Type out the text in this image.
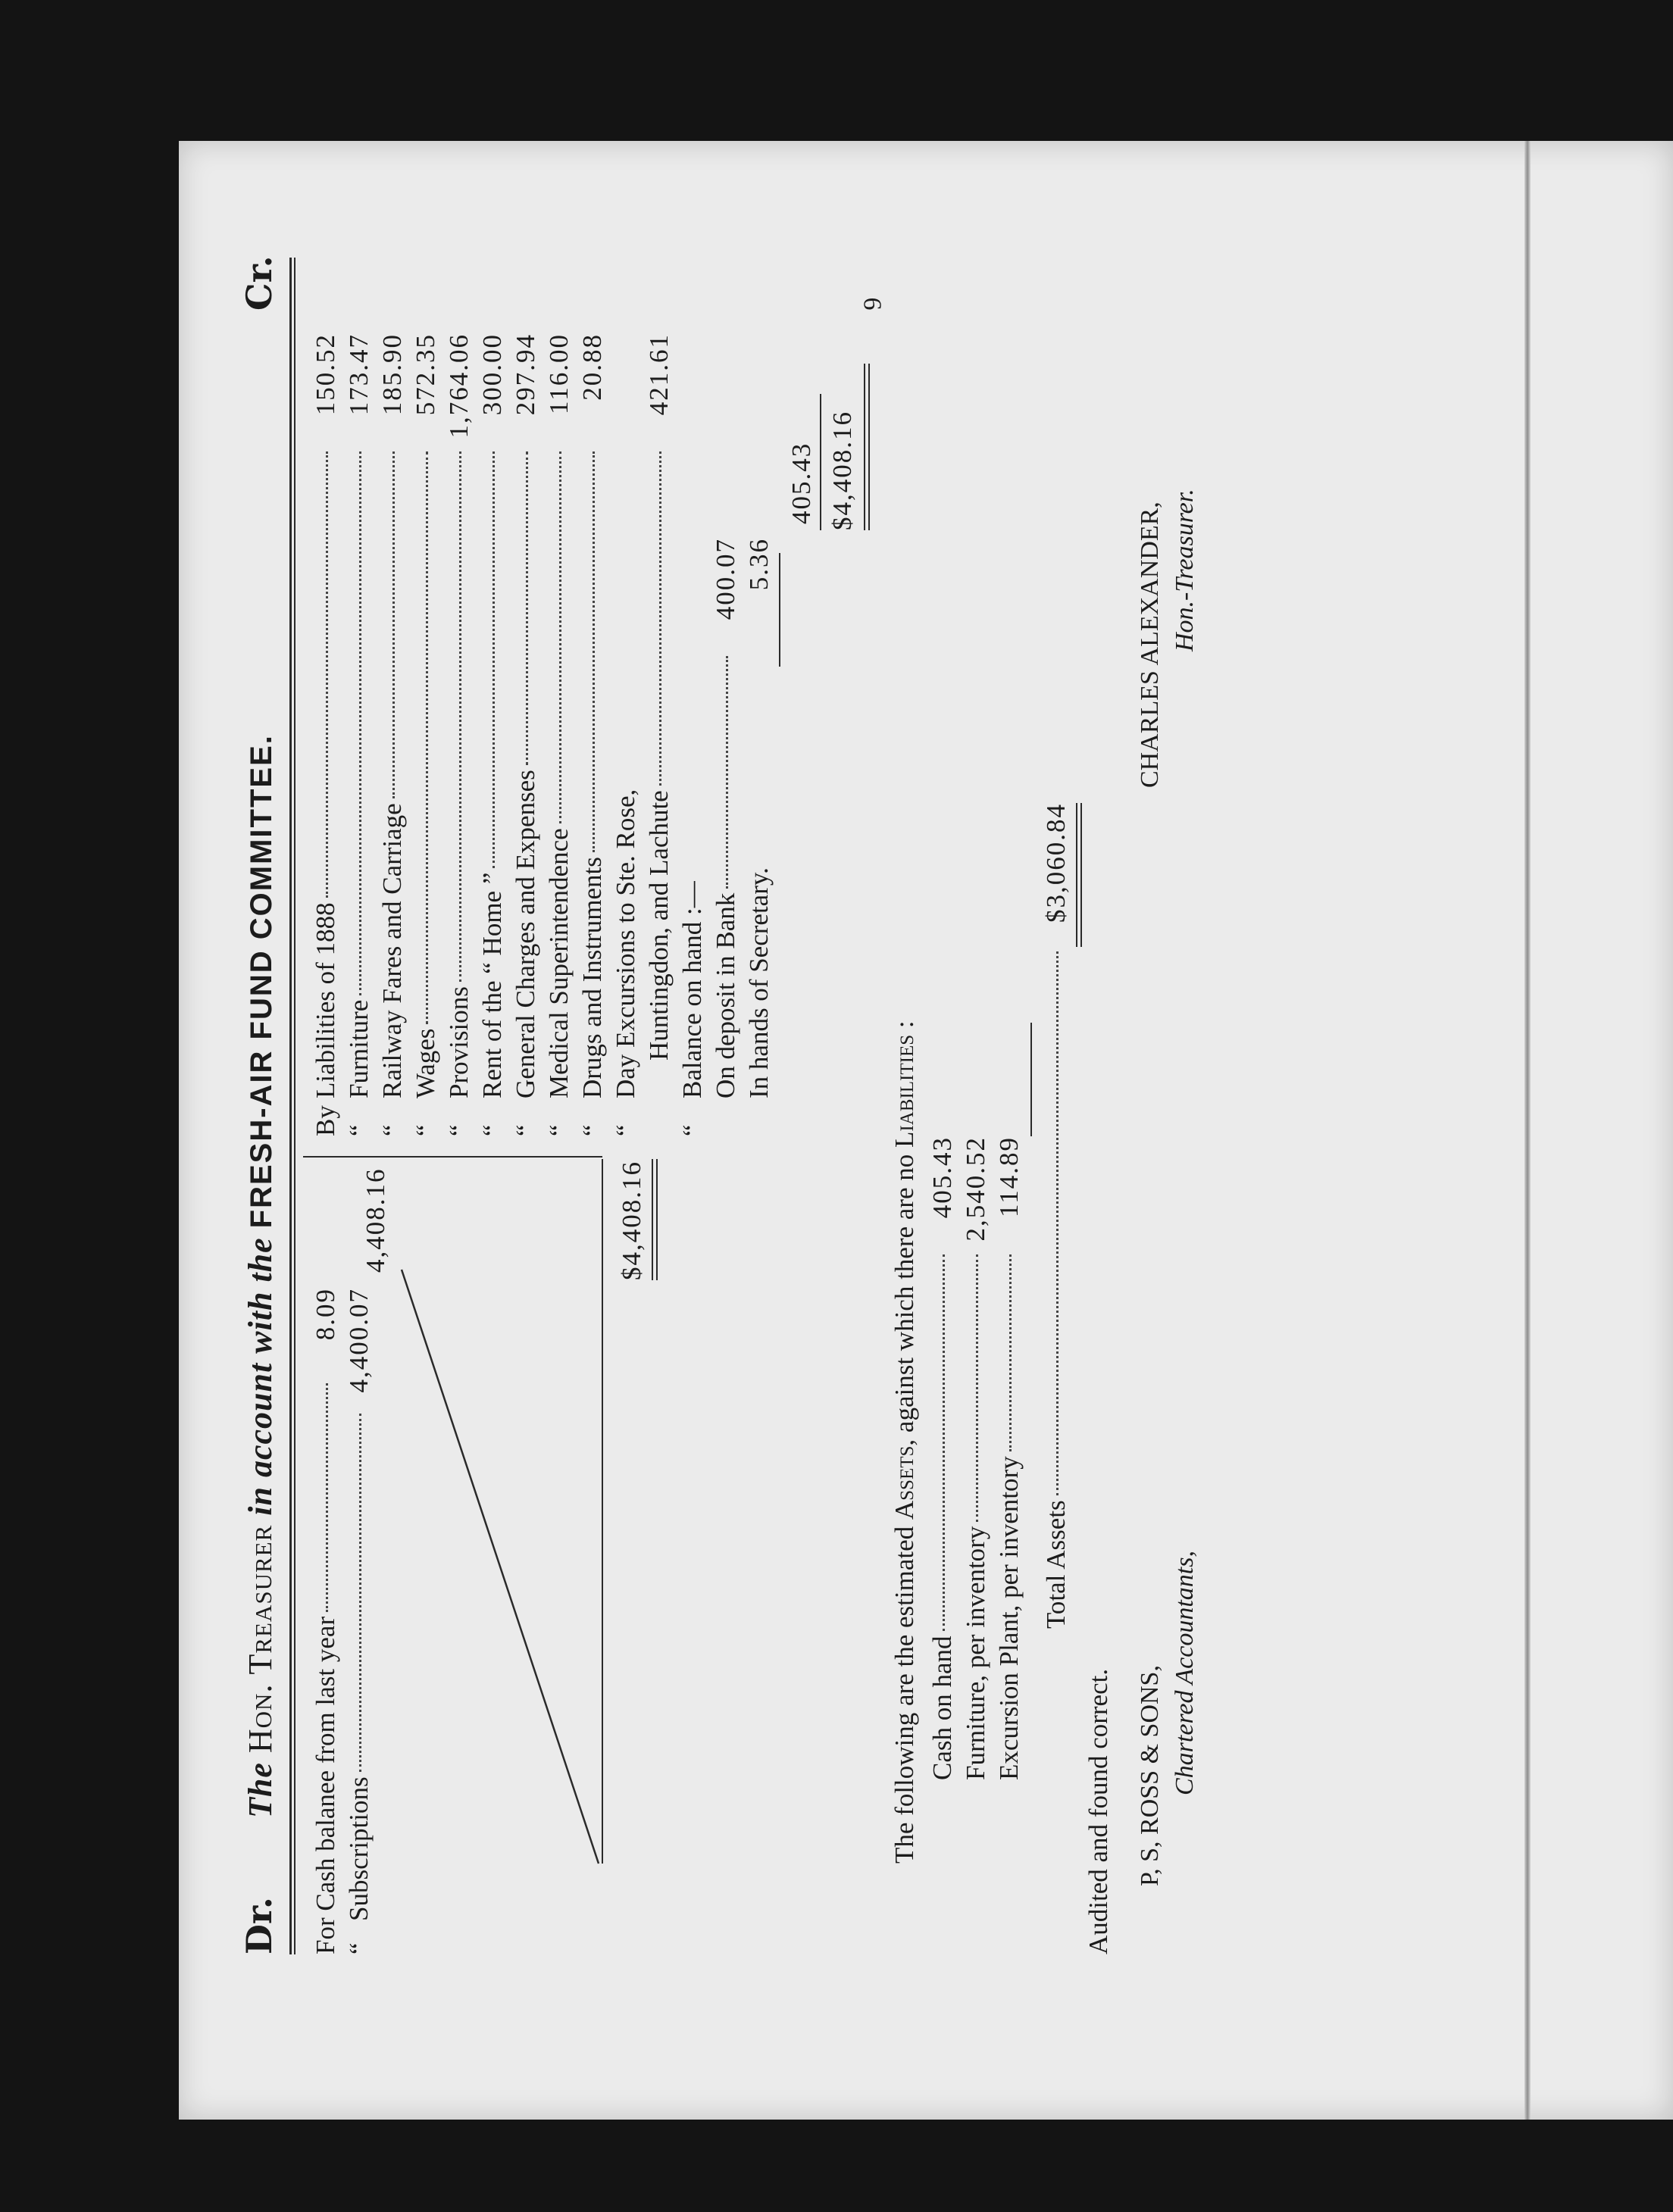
6
Dr.
The Hon. Treasurer in account with the FRESH-AIR FUND COMMITTEE.
Cr.
For Cash balanee from last year
8.09
“Subscriptions
4,400.07
4,408.16	$4,408.16
ByLiabilities of 1888
150.52
“Furniture
173.47
“Railway Fares and Carriage
185.90
“Wages
572.35
“Provisions
1,764.06
“Rent of the “ Home ”
300.00
“General Charges and Expenses
297.94
“Medical Superintendence
116.00
“Drugs and Instruments
20.88
“Day Excursions to Ste. Rose, Huntingdon, and Lachute
421.61
“Balance on hand :— On deposit in Bank
400.07
In hands of Secretary.
5.36
405.43 $4,408.16
The following are the estimated Assets, against which there are no Liabilities :
Cash on hand
405.43
Furniture, per inventory
2,540.52
Excursion Plant, per inventory
114.89
Total Assets
$3,060.84
Audited and found correct. P, S, ROSS & SONS, Chartered Accountants,
CHARLES ALEXANDER, Hon.-Treasurer.
